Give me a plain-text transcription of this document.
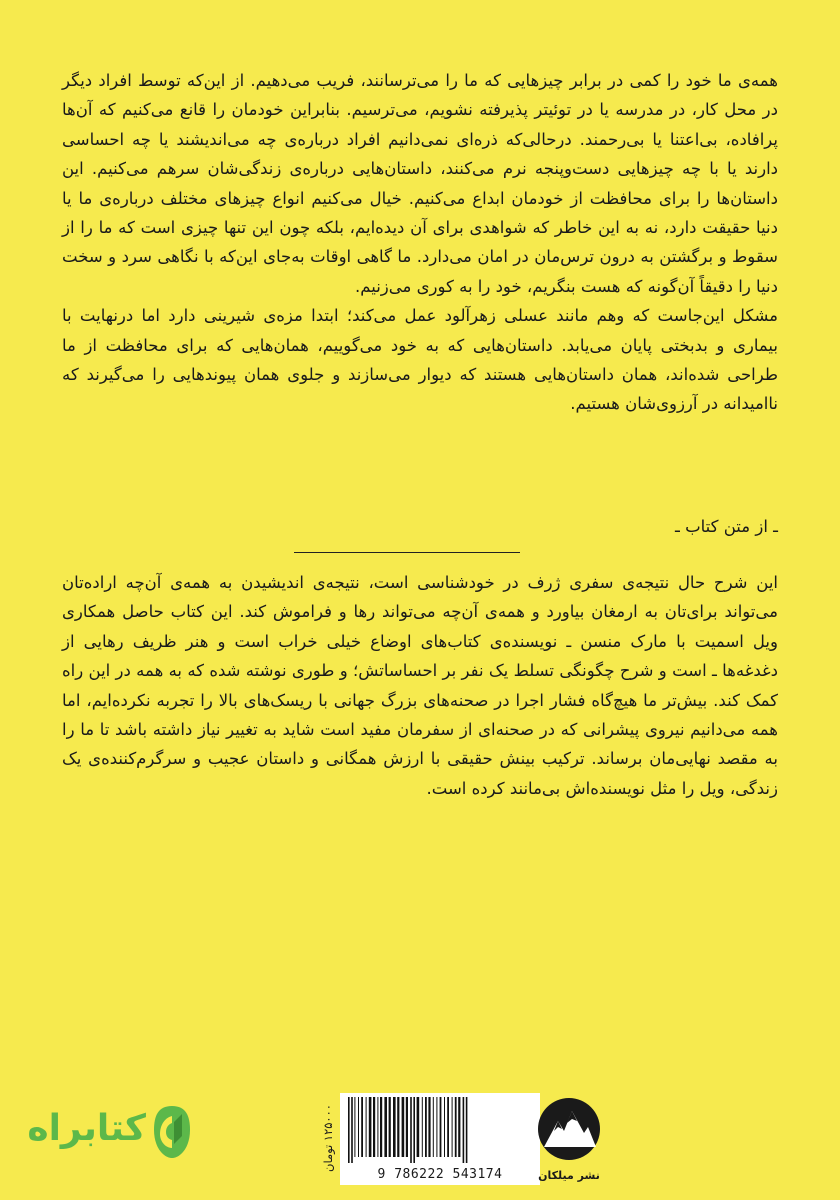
همه‌ی ما خود را کمی در برابر چیزهایی که ما را می‌ترسانند، فریب می‌دهیم. از این‌که توسط افراد دیگر در محل کار، در مدرسه یا در توئیتر پذیرفته نشویم، می‌ترسیم. بنابراین خودمان را قانع می‌کنیم که آن‌ها پرافاده، بی‌اعتنا یا بی‌رحمند. درحالی‌که ذره‌ای نمی‌دانیم افراد درباره‌ی چه می‌اندیشند یا چه احساسی دارند یا با چه چیزهایی دست‌وپنجه نرم می‌کنند، داستان‌هایی درباره‌ی زندگی‌شان سرهم می‌کنیم. این داستان‌ها را برای محافظت از خودمان ابداع می‌کنیم. خیال می‌کنیم انواع چیزهای مختلف درباره‌ی ما یا دنیا حقیقت دارد، نه به این خاطر که شواهدی برای آن دیده‌ایم، بلکه چون این تنها چیزی است که ما را از سقوط و برگشتن به درون ترس‌مان در امان می‌دارد. ما گاهی اوقات به‌جای این‌که با نگاهی سرد و سخت دنیا را دقیقاً آن‌گونه که هست بنگریم، خود را به کوری می‌زنیم.

مشکل این‌جاست که وهم مانند عسلی زهرآلود عمل می‌کند؛ ابتدا مزه‌ی شیرینی دارد اما درنهایت با بیماری و بدبختی پایان می‌یابد. داستان‌هایی که به خود می‌گوییم، همان‌هایی که برای محافظت از ما طراحی شده‌اند، همان داستان‌هایی هستند که دیوار می‌سازند و جلوی همان پیوندهایی را می‌گیرند که ناامیدانه در آرزوی‌شان هستیم.

ـ از متن کتاب ـ

این شرح حال نتیجه‌ی سفری ژرف در خودشناسی است، نتیجه‌ی اندیشیدن به همه‌ی آن‌چه اراده‌تان می‌تواند برای‌تان به ارمغان بیاورد و همه‌ی آن‌چه می‌تواند رها و فراموش کند. این کتاب حاصل همکاری ویل اسمیت با مارک منسن ـ نویسنده‌ی کتاب‌های اوضاع خیلی خراب است و هنر ظریف رهایی از دغدغه‌ها ـ است و شرح چگونگی تسلط یک نفر بر احساساتش؛ و طوری نوشته شده که به همه در این راه کمک کند. بیش‌تر ما هیچ‌گاه فشار اجرا در صحنه‌های بزرگ جهانی با ریسک‌های بالا را تجربه نکرده‌ایم، اما همه می‌دانیم نیروی پیشرانی که در صحنه‌ای از سفرمان مفید است شاید به تغییر نیاز داشته باشد تا ما را به مقصد نهایی‌مان برساند. ترکیب بینش حقیقی با ارزش همگانی و داستان عجیب و سرگرم‌کننده‌ی یک زندگی، ویل را مثل نویسنده‌اش بی‌مانند کرده است.

کتابراه
۱۲۵۰۰۰ تومان
9 786222 543174	نشر میلکان
